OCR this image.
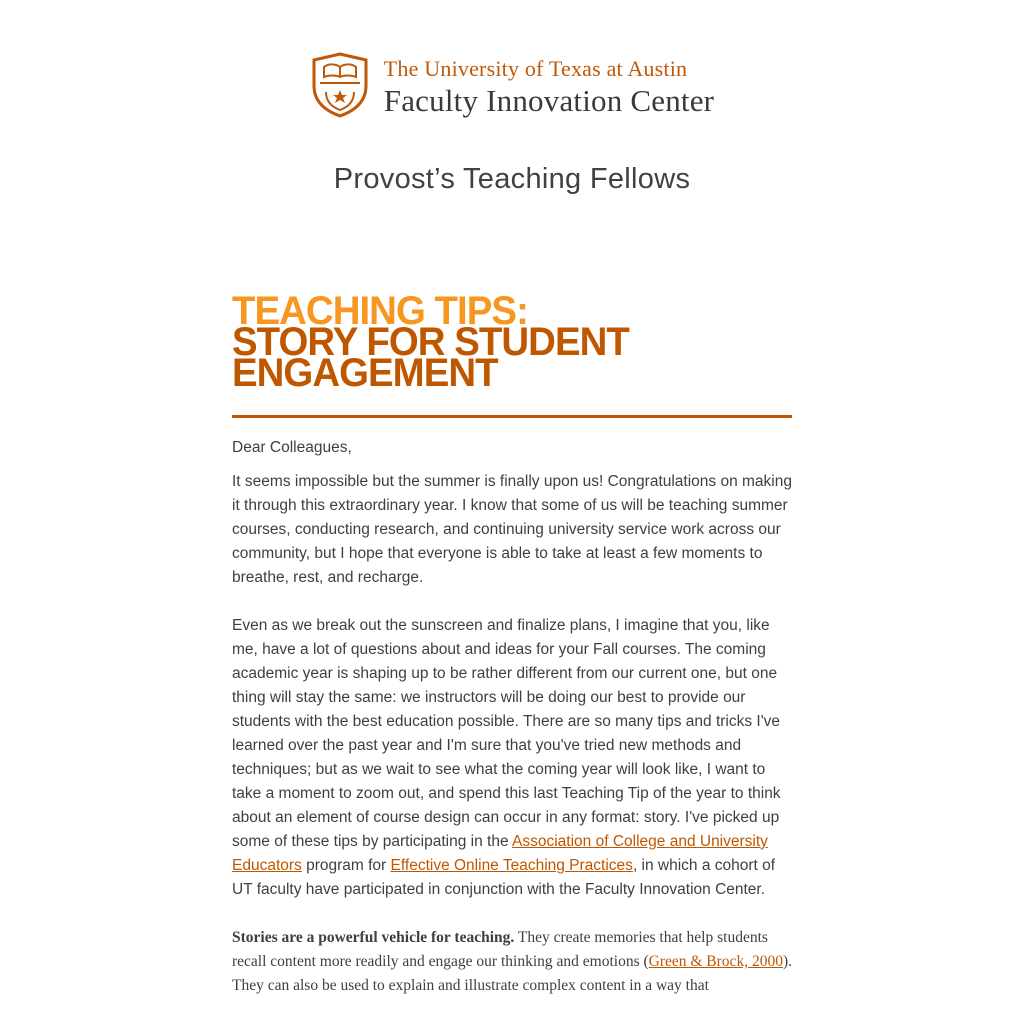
The University of Texas at Austin
Faculty Innovation Center
Provost’s Teaching Fellows
TEACHING TIPS:
STORY FOR STUDENT
ENGAGEMENT

Dear Colleagues,

It seems impossible but the summer is finally upon us! Congratulations on making it through this extraordinary year. I know that some of us will be teaching summer courses, conducting research, and continuing university service work across our community, but I hope that everyone is able to take at least a few moments to breathe, rest, and recharge.

Even as we break out the sunscreen and finalize plans, I imagine that you, like me, have a lot of questions about and ideas for your Fall courses. The coming academic year is shaping up to be rather different from our current one, but one thing will stay the same: we instructors will be doing our best to provide our students with the best education possible. There are so many tips and tricks I've learned over the past year and I'm sure that you've tried new methods and techniques; but as we wait to see what the coming year will look like, I want to take a moment to zoom out, and spend this last Teaching Tip of the year to think about an element of course design can occur in any format: story. I've picked up some of these tips by participating in the Association of College and University Educators program for Effective Online Teaching Practices, in which a cohort of UT faculty have participated in conjunction with the Faculty Innovation Center.

Stories are a powerful vehicle for teaching. They create memories that help students recall content more readily and engage our thinking and emotions (Green & Brock, 2000). They can also be used to explain and illustrate complex content in a way that
